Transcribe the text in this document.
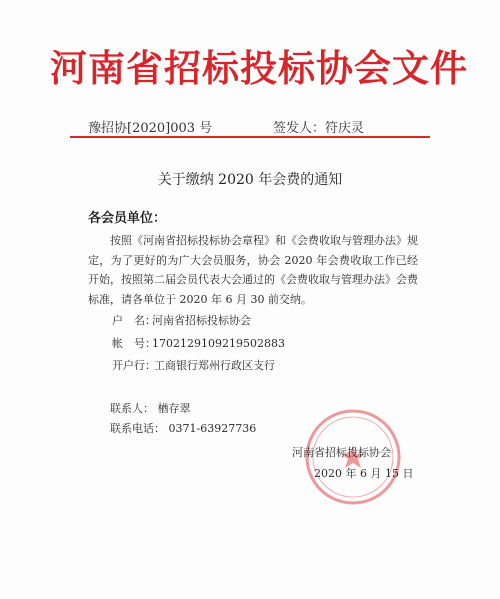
河南省招标投标协会文件
豫招协[2020]003 号	签发人：符庆灵
关于缴纳 2020 年会费的通知
各会员单位：

按照《河南省招标投标协会章程》和《会费收取与管理办法》规定，为了更好的为广大会员服务，协会 2020 年会费收取工作已经开始，按照第二届会员代表大会通过的《会费收取与管理办法》会费标准，请各单位于 2020 年 6 月 30 前交纳。

户　名：河南省招标投标协会
帐　号：1702129109219502883
开户行：工商银行郑州行政区支行
联系人： 楢存翠
联系电话： 0371-63927736
河南省招标投标协会
2020 年 6 月 15 日
